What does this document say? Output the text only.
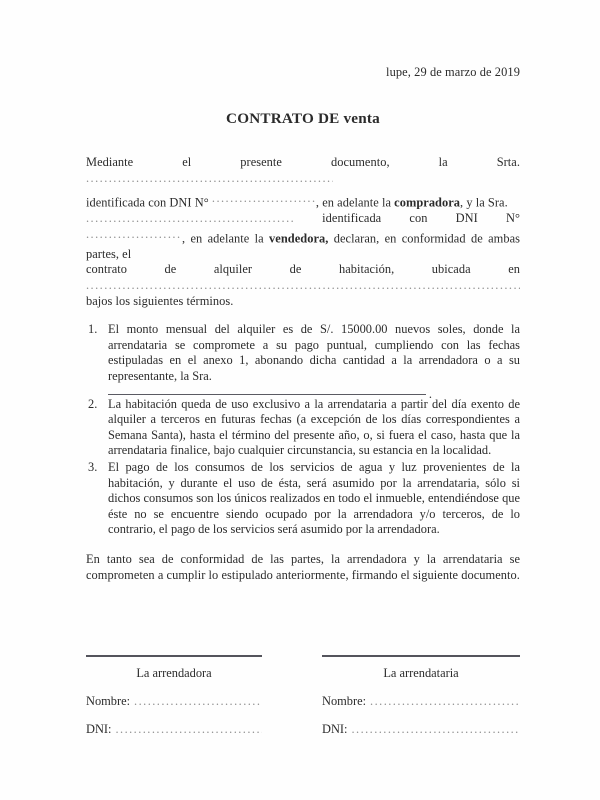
lupe, 29 de marzo de 2019
CONTRATO DE venta
Mediante el presente documento, la Srta. .....
identificada con DNI N° .....	, en adelante la compradora, y la Sra.
.....
identificada con DNI N°
....., en adelante la vendedora, declaran, en conformidad de ambas partes, el
contrato	de	alquiler	de	habitación,	ubicada	en
.....
bajos los siguientes términos.
1. El monto mensual del alquiler es de S/. 15000.00 nuevos soles, donde la arrendataria se compromete a su pago puntual, cumpliendo con las fechas estipuladas en el anexo 1, abonando dicha cantidad a la arrendadora o a su representante, la Sra.
.
2. La habitación queda de uso exclusivo a la arrendataria a partir del día exento de alquiler a terceros en futuras fechas (a excepción de los días correspondientes a Semana Santa), hasta el término del presente año, o, si fuera el caso, hasta que la arrendataria finalice, bajo cualquier circunstancia, su estancia en la localidad.
3. El pago de los consumos de los servicios de agua y luz provenientes de la habitación, y durante el uso de ésta, será asumido por la arrendataria, sólo si dichos consumos son los únicos realizados en todo el inmueble, entendiéndose que éste no se encuentre siendo ocupado por la arrendadora y/o terceros, de lo contrario, el pago de los servicios será asumido por la arrendadora.

En tanto sea de conformidad de las partes, la arrendadora y la arrendataria se comprometen a cumplir lo estipulado anteriormente, firmando el siguiente documento.

La arrendadora
Nombre:
.....
DNI:
.....
La arrendataria
Nombre:
.....
DNI:
.....
